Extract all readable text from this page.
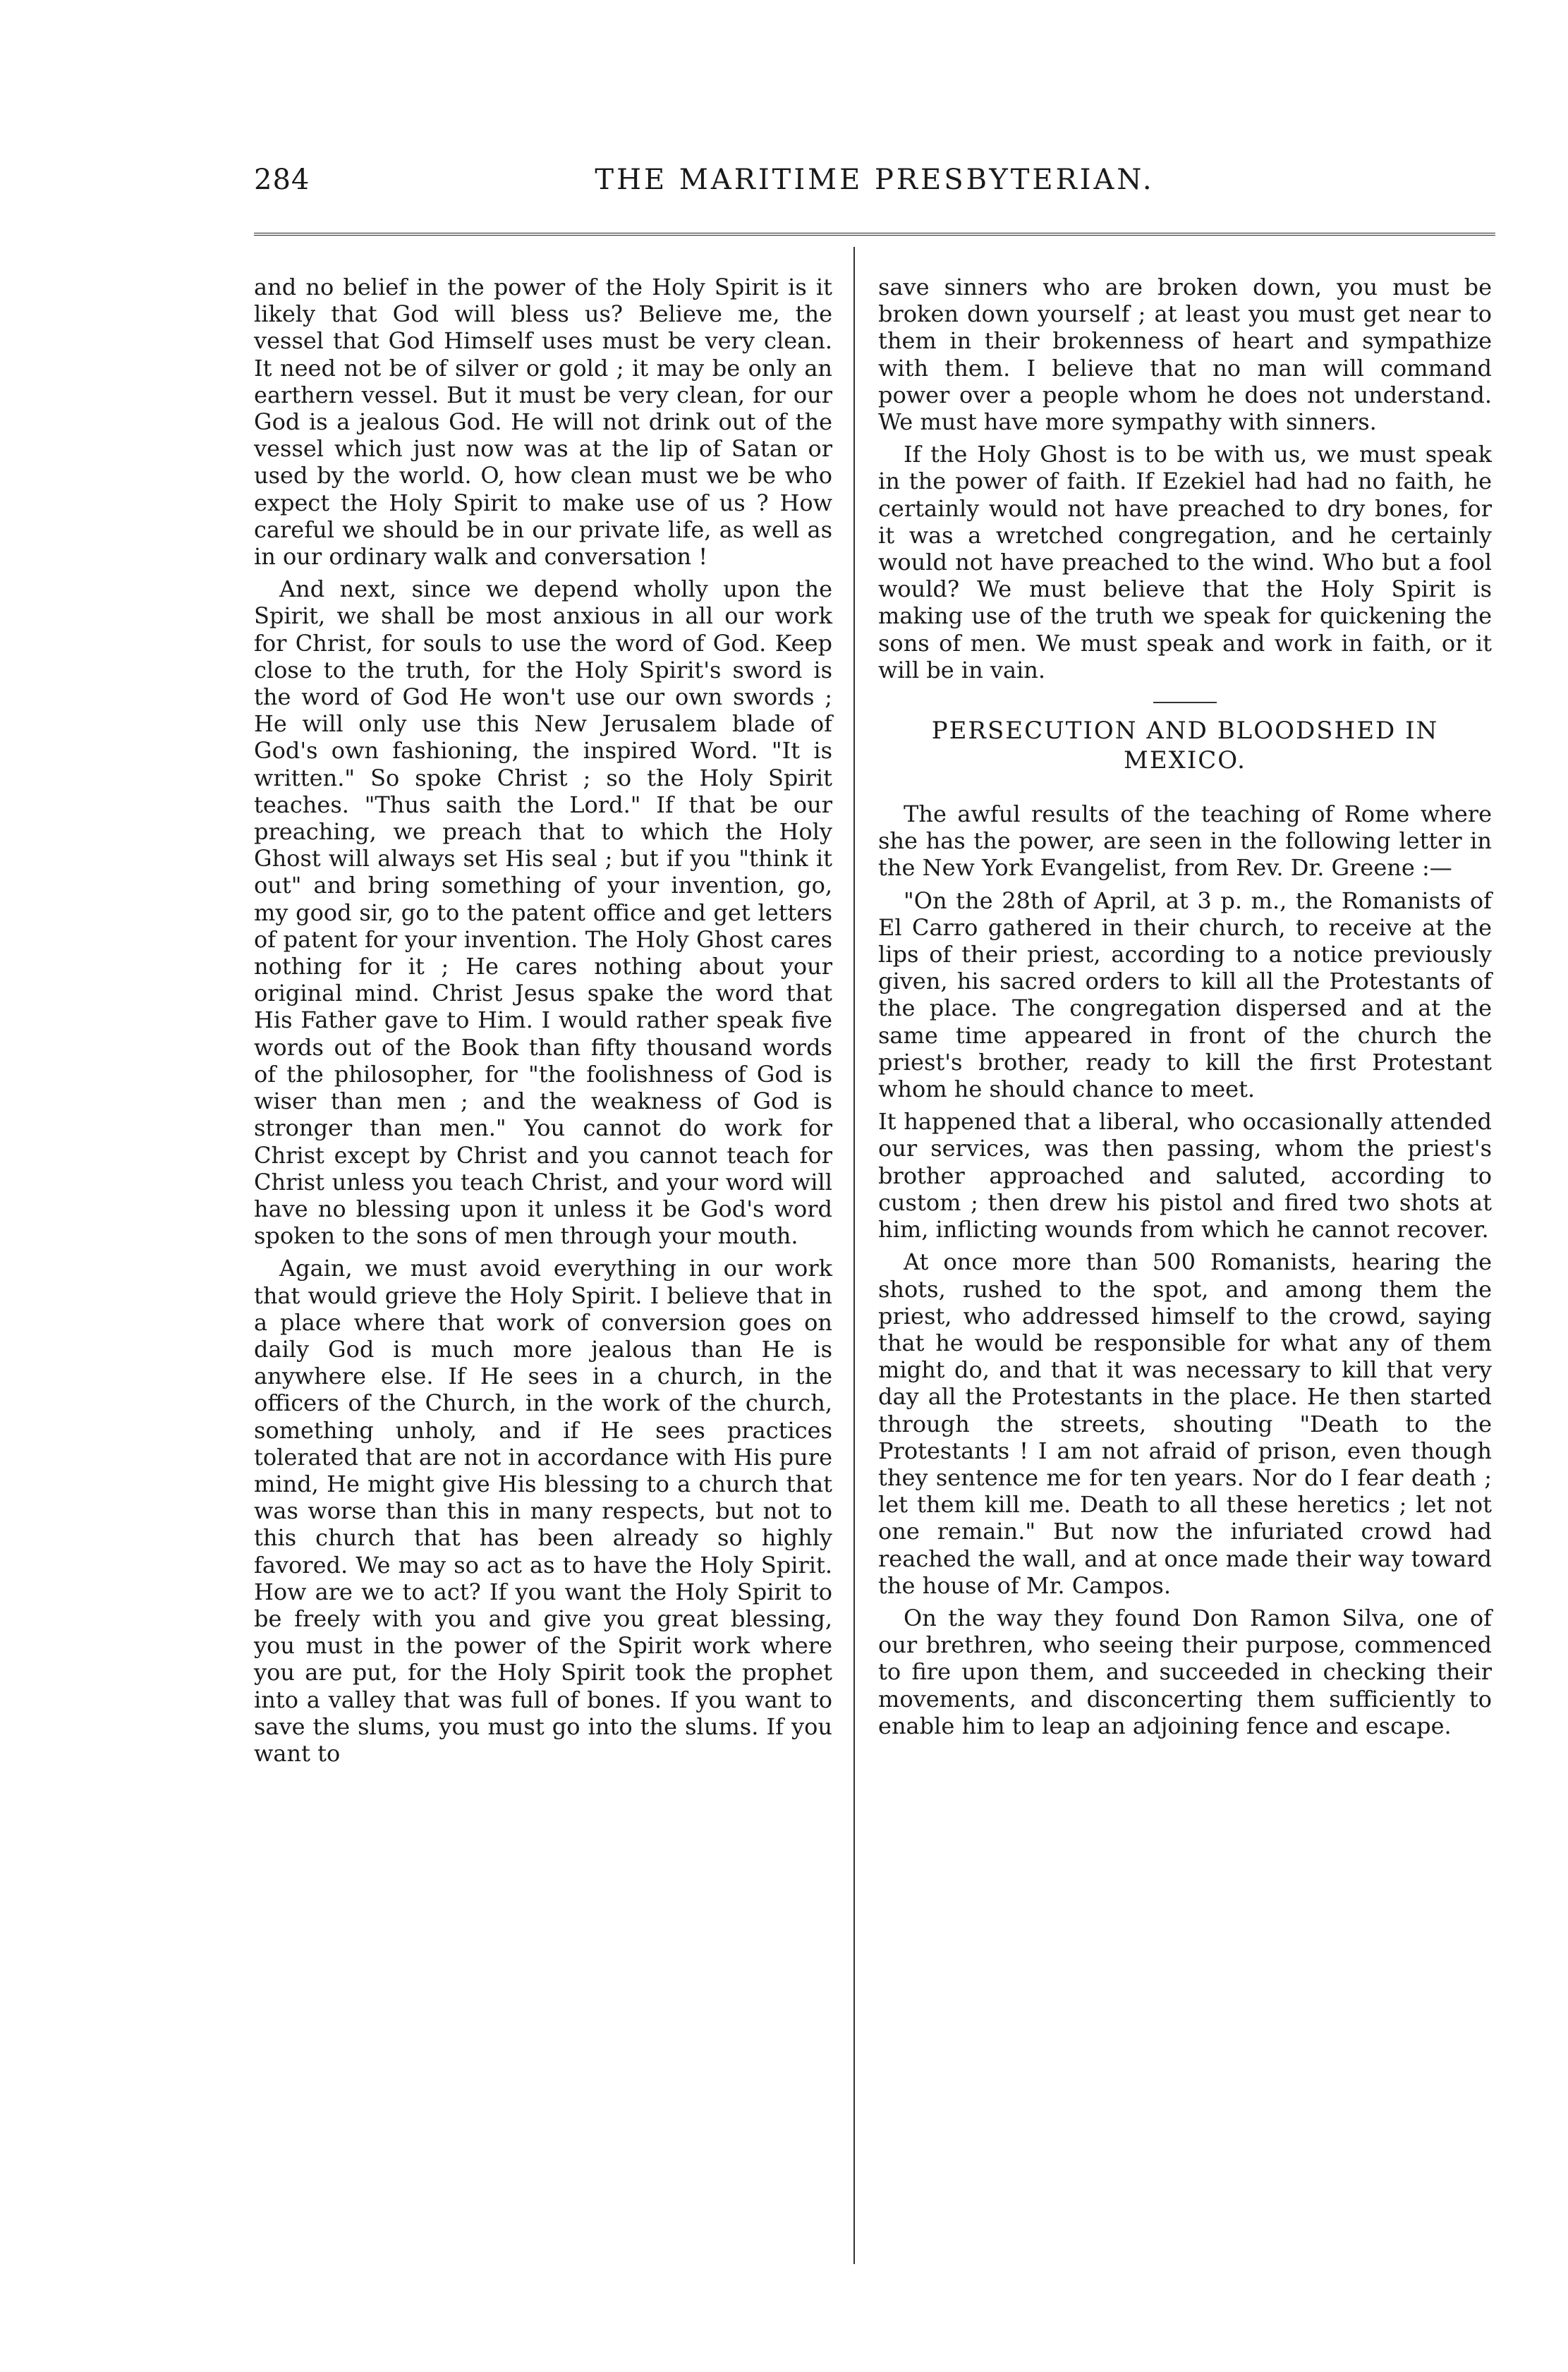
284	THE MARITIME PRESBYTERIAN.

and no belief in the power of the Holy Spirit is it likely that God will bless us? Believe me, the vessel that God Himself uses must be very clean. It need not be of silver or gold ; it may be only an earthern vessel. But it must be very clean, for our God is a jealous God. He will not drink out of the vessel which just now was at the lip of Satan or used by the world. O, how clean must we be who expect the Holy Spirit to make use of us ? How careful we should be in our private life, as well as in our ordinary walk and conversation !

And next, since we depend wholly upon the Spirit, we shall be most anxious in all our work for Christ, for souls to use the word of God. Keep close to the truth, for the Holy Spirit's sword is the word of God He won't use our own swords ; He will only use this New Jerusalem blade of God's own fashioning, the inspired Word. "It is written." So spoke Christ ; so the Holy Spirit teaches. "Thus saith the Lord." If that be our preaching, we preach that to which the Holy Ghost will always set His seal ; but if you "think it out" and bring something of your invention, go, my good sir, go to the patent office and get letters of patent for your invention. The Holy Ghost cares nothing for it ; He cares nothing about your original mind. Christ Jesus spake the word that His Father gave to Him. I would rather speak five words out of the Book than fifty thousand words of the philosopher, for "the foolishness of God is wiser than men ; and the weakness of God is stronger than men." You cannot do work for Christ except by Christ and you cannot teach for Christ unless you teach Christ, and your word will have no blessing upon it unless it be God's word spoken to the sons of men through your mouth.

Again, we must avoid everything in our work that would grieve the Holy Spirit. I believe that in a place where that work of conversion goes on daily God is much more jealous than He is anywhere else. If He sees in a church, in the officers of the Church, in the work of the church, something unholy, and if He sees practices tolerated that are not in accordance with His pure mind, He might give His blessing to a church that was worse than this in many respects, but not to this church that has been already so highly favored. We may so act as to have the Holy Spirit. How are we to act? If you want the Holy Spirit to be freely with you and give you great blessing, you must in the power of the Spirit work where you are put, for the Holy Spirit took the prophet into a valley that was full of bones. If you want to save the slums, you must go into the slums. If you want to

save sinners who are broken down, you must be broken down yourself ; at least you must get near to them in their brokenness of heart and sympathize with them. I believe that no man will command power over a people whom he does not understand. We must have more sympathy with sinners.

If the Holy Ghost is to be with us, we must speak in the power of faith. If Ezekiel had had no faith, he certainly would not have preached to dry bones, for it was a wretched congregation, and he certainly would not have preached to the wind. Who but a fool would? We must believe that the Holy Spirit is making use of the truth we speak for quickening the sons of men. We must speak and work in faith, or it will be in vain.

PERSECUTION AND BLOODSHED IN MEXICO.

The awful results of the teaching of Rome where she has the power, are seen in the following letter in the New York Evangelist, from Rev. Dr. Greene :—

"On the 28th of April, at 3 p. m., the Romanists of El Carro gathered in their church, to receive at the lips of their priest, according to a notice previously given, his sacred orders to kill all the Protestants of the place. The congregation dispersed and at the same time appeared in front of the church the priest's brother, ready to kill the first Protestant whom he should chance to meet.

It happened that a liberal, who occasionally attended our services, was then passing, whom the priest's brother approached and saluted, according to custom ; then drew his pistol and fired two shots at him, inflicting wounds from which he cannot recover.

At once more than 500 Romanists, hearing the shots, rushed to the spot, and among them the priest, who addressed himself to the crowd, saying that he would be responsible for what any of them might do, and that it was necessary to kill that very day all the Protestants in the place. He then started through the streets, shouting "Death to the Protestants ! I am not afraid of prison, even though they sentence me for ten years. Nor do I fear death ; let them kill me. Death to all these heretics ; let not one remain." But now the infuriated crowd had reached the wall, and at once made their way toward the house of Mr. Campos.

On the way they found Don Ramon Silva, one of our brethren, who seeing their purpose, commenced to fire upon them, and succeeded in checking their movements, and disconcerting them sufficiently to enable him to leap an adjoining fence and escape.
